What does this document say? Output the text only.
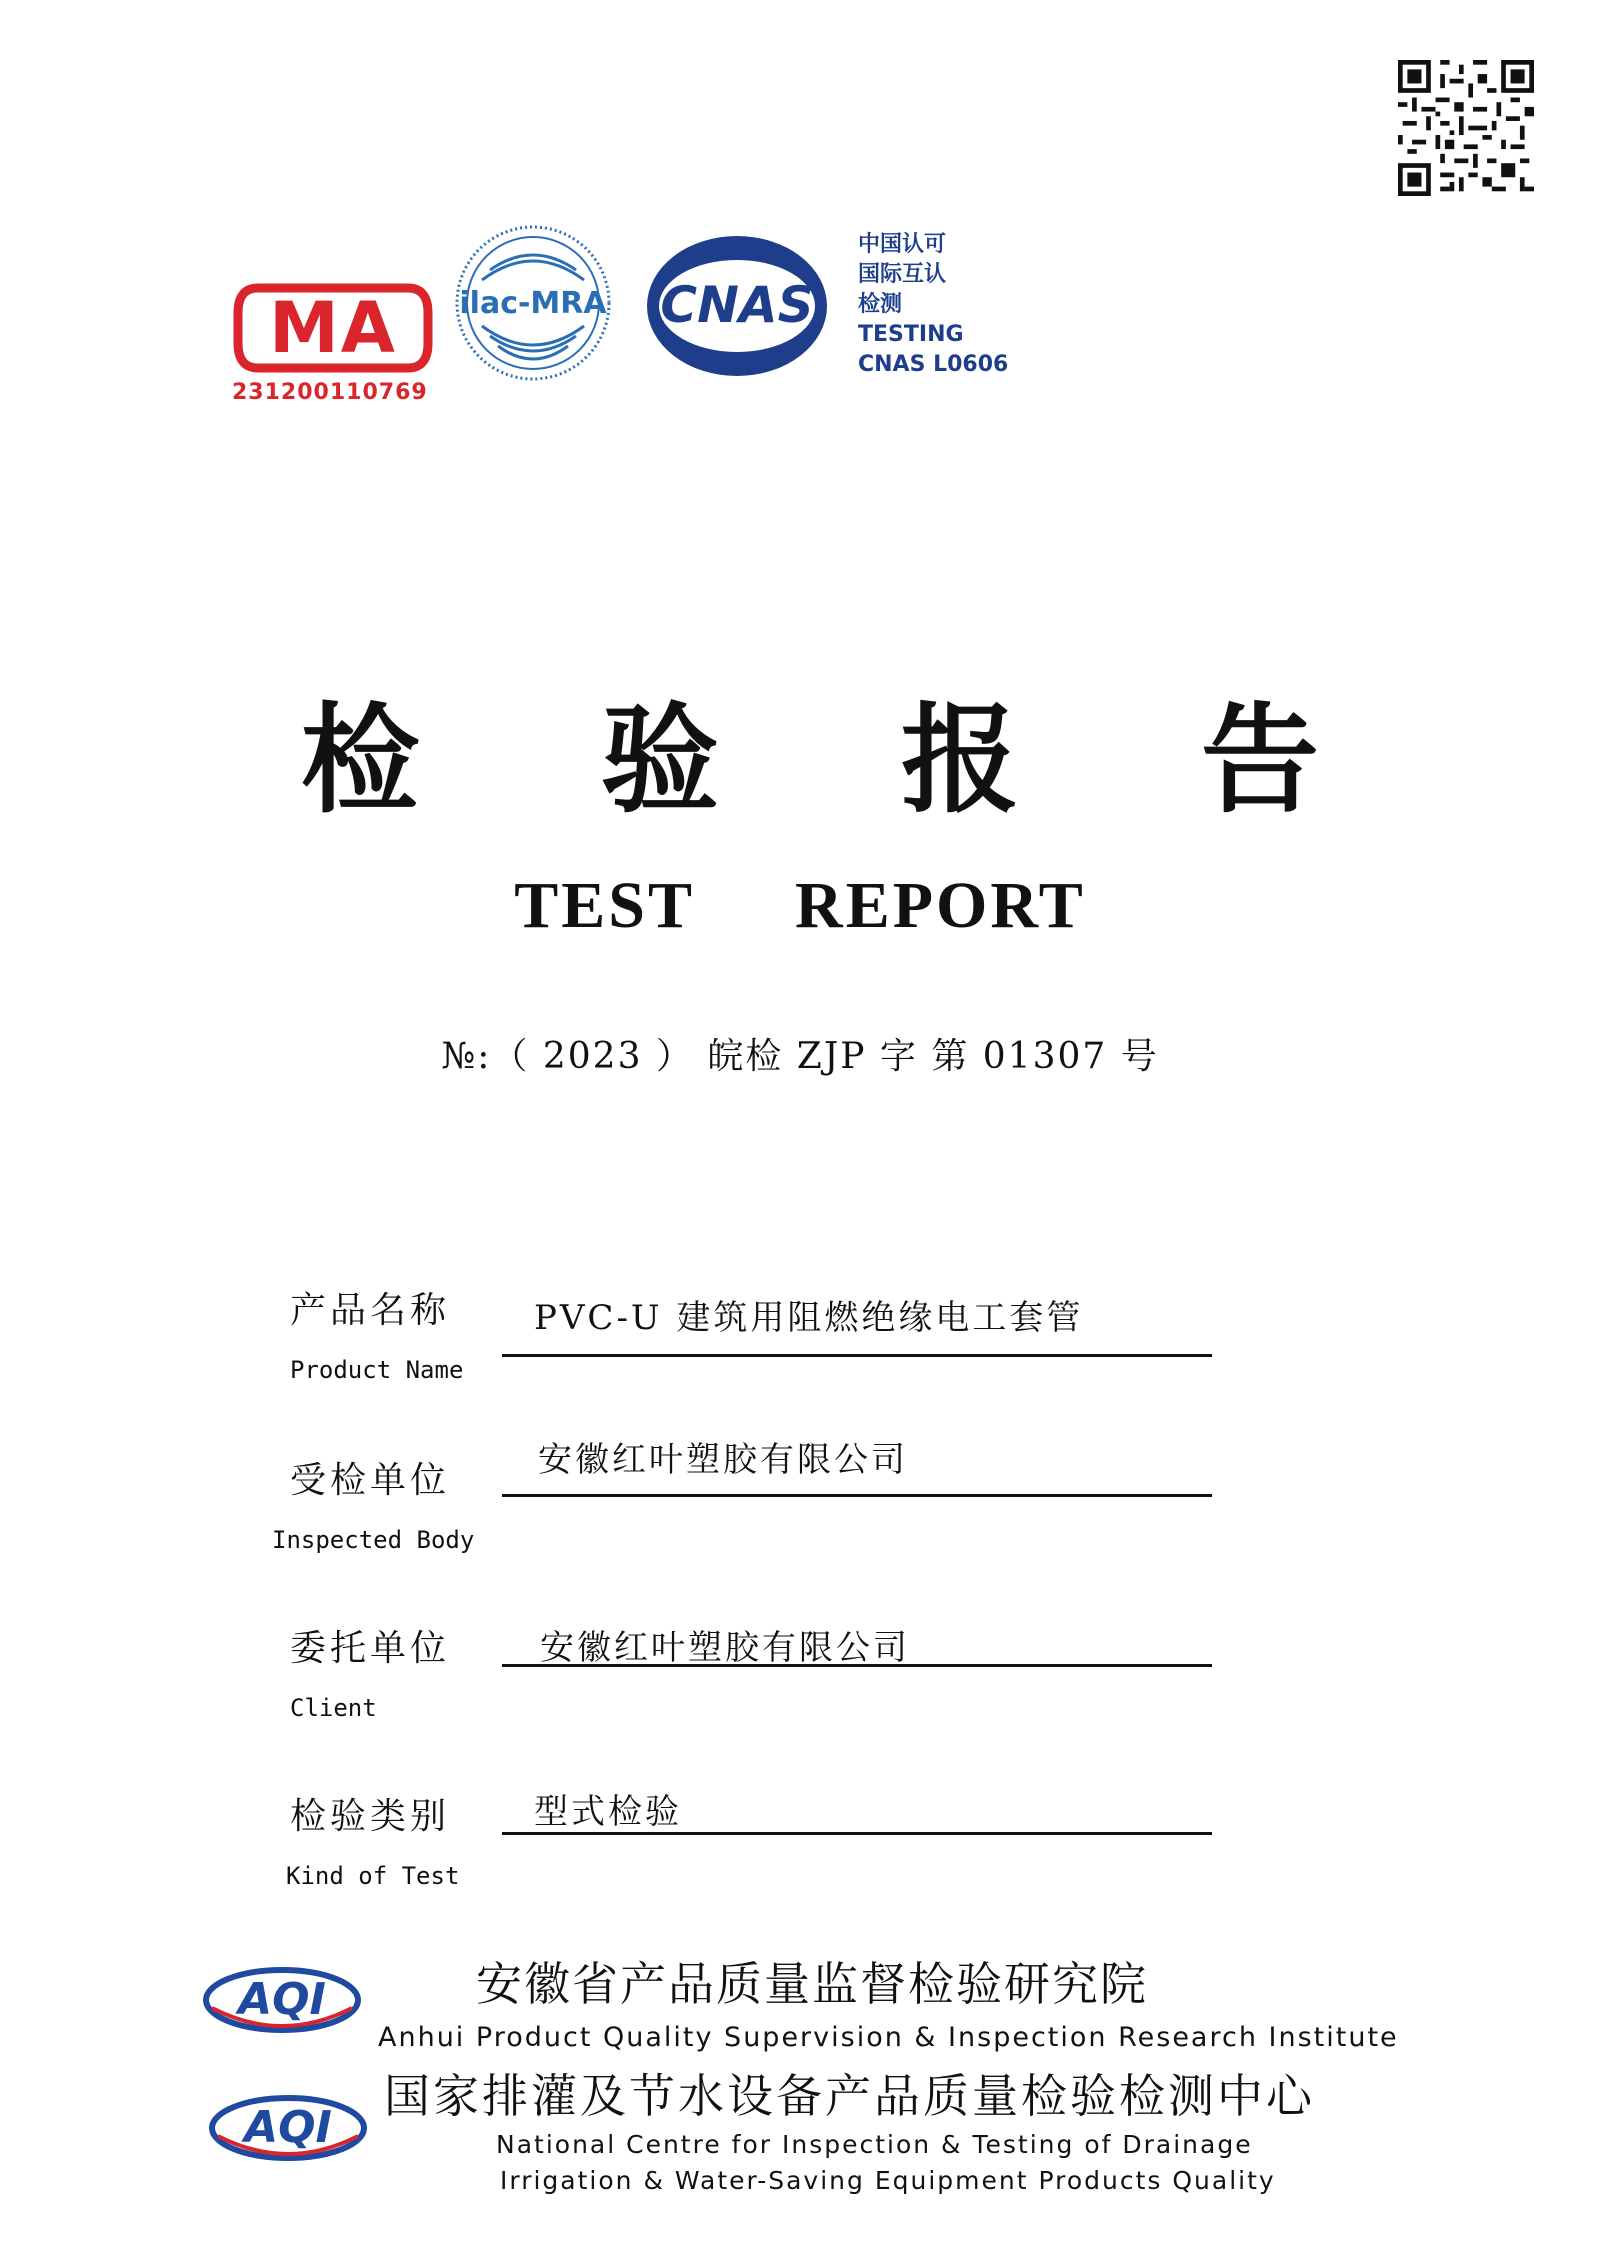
MA
231200110769
ilac-MRA CNAS
中国认可
国际互认
检测
TESTING
CNAS L0606
检 验 报 告
TEST REPORT
№:（ 2023 ） 皖检 ZJP 字 第 01307 号
产品名称
Product Name
PVC-U 建筑用阻燃绝缘电工套管
受检单位
Inspected Body
安徽红叶塑胶有限公司
委托单位
Client
安徽红叶塑胶有限公司
检验类别
Kind of Test
型式检验
AQI
AQI
安徽省产品质量监督检验研究院
Anhui Product Quality Supervision & Inspection Research Institute
国家排灌及节水设备产品质量检验检测中心
National Centre for Inspection & Testing of Drainage
Irrigation & Water-Saving Equipment Products Quality
